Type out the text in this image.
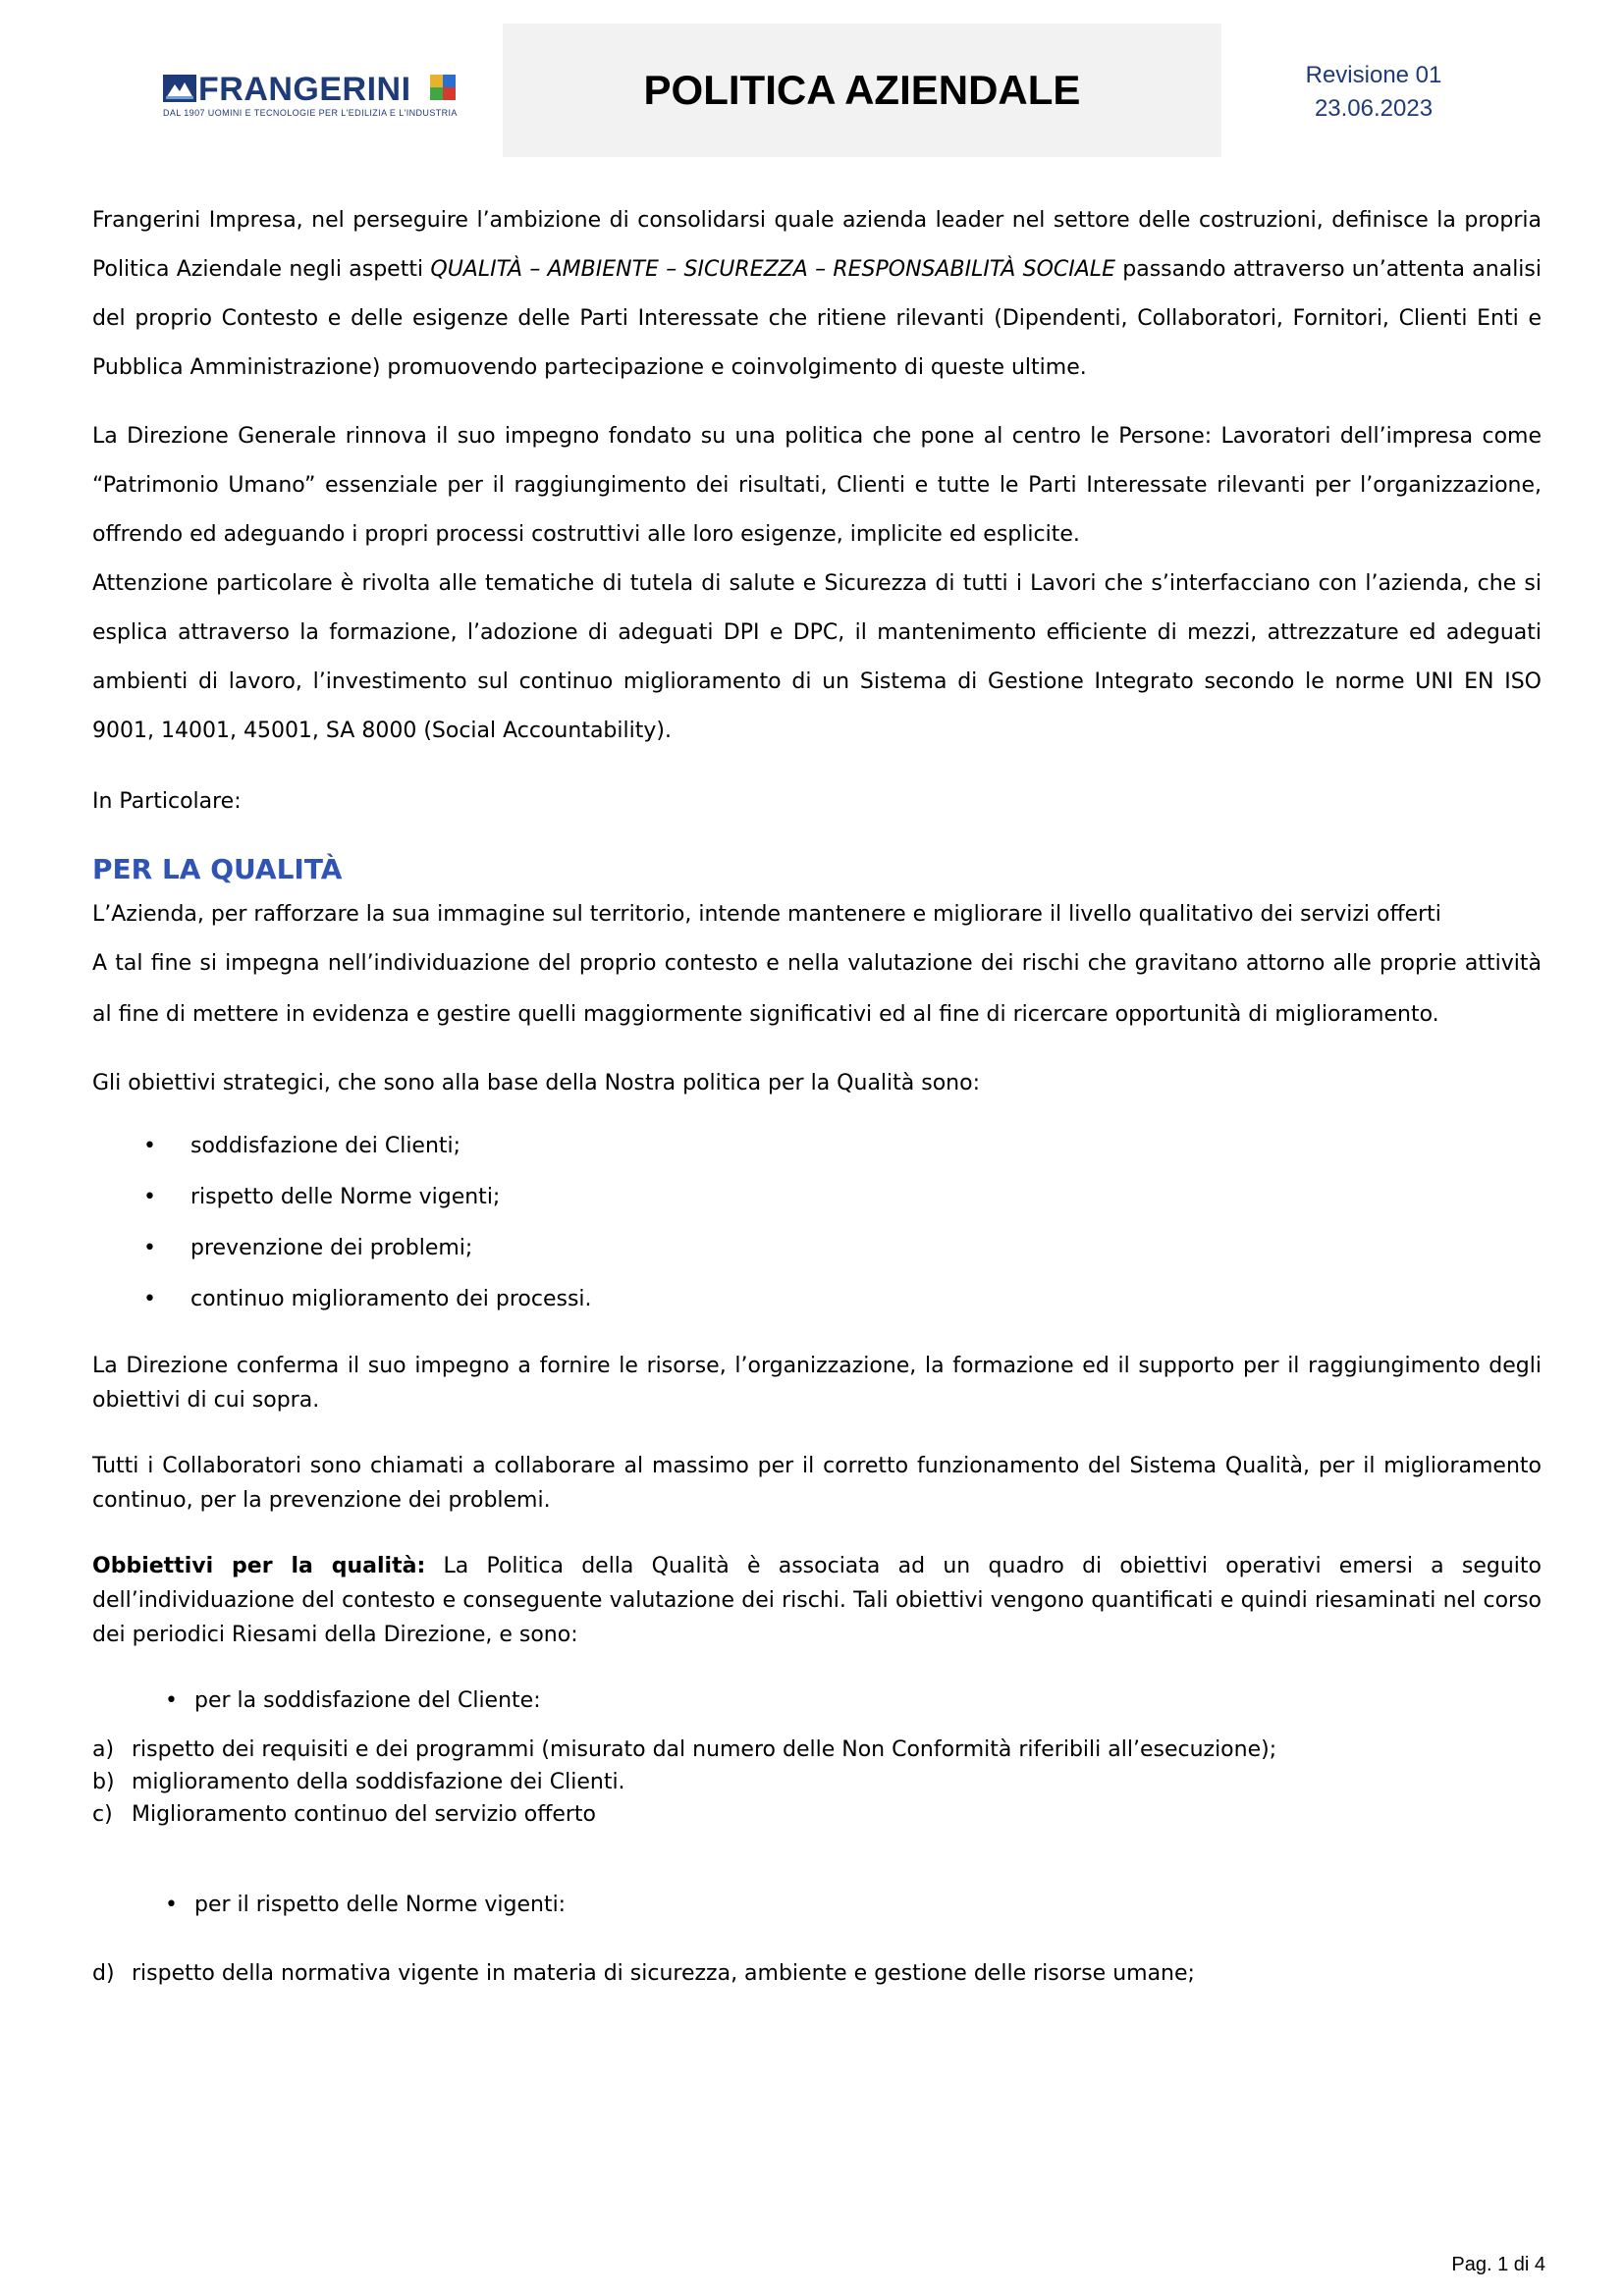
FRANGERINI
DAL 1907 UOMINI E TECNOLOGIE PER L'EDILIZIA E L'INDUSTRIA	POLITICA AZIENDALE	Revisione 01
23.06.2023

Frangerini Impresa, nel perseguire l’ambizione di consolidarsi quale azienda leader nel settore delle costruzioni, definisce la propria Politica Aziendale negli aspetti QUALITÀ – AMBIENTE – SICUREZZA – RESPONSABILITÀ SOCIALE passando attraverso un’attenta analisi del proprio Contesto e delle esigenze delle Parti Interessate che ritiene rilevanti (Dipendenti, Collaboratori, Fornitori, Clienti Enti e Pubblica Amministrazione) promuovendo partecipazione e coinvolgimento di queste ultime.

La Direzione Generale rinnova il suo impegno fondato su una politica che pone al centro le Persone: Lavoratori dell’impresa come “Patrimonio Umano” essenziale per il raggiungimento dei risultati, Clienti e tutte le Parti Interessate rilevanti per l’organizzazione, offrendo ed adeguando i propri processi costruttivi alle loro esigenze, implicite ed esplicite.

Attenzione particolare è rivolta alle tematiche di tutela di salute e Sicurezza di tutti i Lavori che s’interfacciano con l’azienda, che si esplica attraverso la formazione, l’adozione di adeguati DPI e DPC, il mantenimento efficiente di mezzi, attrezzature ed adeguati ambienti di lavoro, l’investimento sul continuo miglioramento di un Sistema di Gestione Integrato secondo le norme UNI EN ISO 9001, 14001, 45001, SA 8000 (Social Accountability).

In Particolare:

PER LA QUALITÀ

L’Azienda, per rafforzare la sua immagine sul territorio, intende mantenere e migliorare il livello qualitativo dei servizi offerti

A tal fine si impegna nell’individuazione del proprio contesto e nella valutazione dei rischi che gravitano attorno alle proprie attività al fine di mettere in evidenza e gestire quelli maggiormente significativi ed al fine di ricercare opportunità di miglioramento.

Gli obiettivi strategici, che sono alla base della Nostra politica per la Qualità sono:

• soddisfazione dei Clienti;
• rispetto delle Norme vigenti;
• prevenzione dei problemi;
• continuo miglioramento dei processi.

La Direzione conferma il suo impegno a fornire le risorse, l’organizzazione, la formazione ed il supporto per il raggiungimento degli obiettivi di cui sopra.

Tutti i Collaboratori sono chiamati a collaborare al massimo per il corretto funzionamento del Sistema Qualità, per il miglioramento continuo, per la prevenzione dei problemi.

Obbiettivi per la qualità: La Politica della Qualità è associata ad un quadro di obiettivi operativi emersi a seguito dell’individuazione del contesto e conseguente valutazione dei rischi. Tali obiettivi vengono quantificati e quindi riesaminati nel corso dei periodici Riesami della Direzione, e sono:

• per la soddisfazione del Cliente:
a) rispetto dei requisiti e dei programmi (misurato dal numero delle Non Conformità riferibili all’esecuzione);
b) miglioramento della soddisfazione dei Clienti.
c) Miglioramento continuo del servizio offerto
• per il rispetto delle Norme vigenti:
d) rispetto della normativa vigente in materia di sicurezza, ambiente e gestione delle risorse umane;
Pag. 1 di 4
